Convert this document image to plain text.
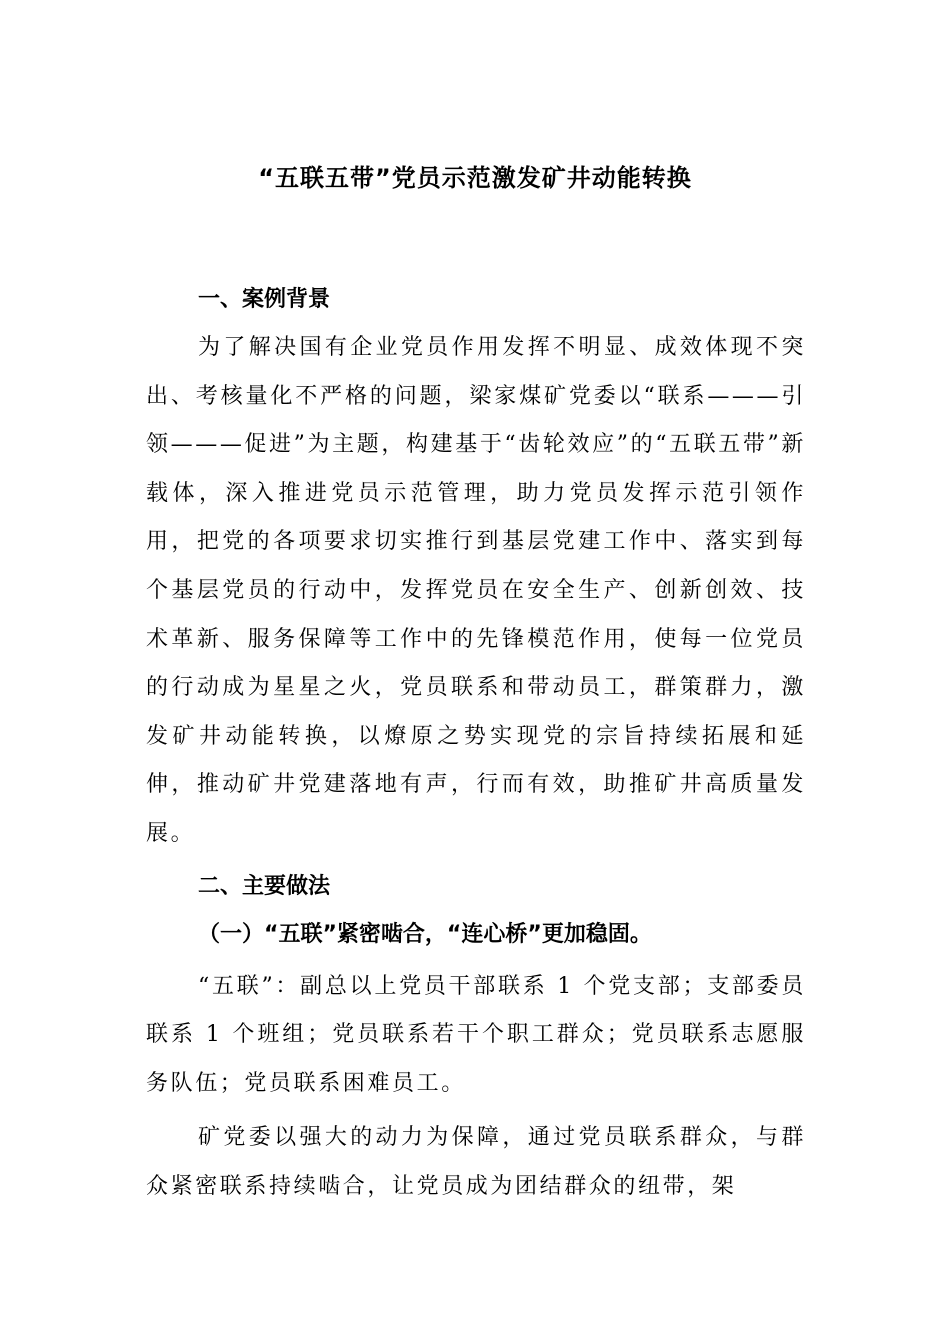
“五联五带”党员示范激发矿井动能转换
一、案例背景

为了解决国有企业党员作用发挥不明显、成效体现不突出、考核量化不严格的问题，梁家煤矿党委以“联系———引领———促进”为主题，构建基于“齿轮效应”的“五联五带”新载体，深入推进党员示范管理，助力党员发挥示范引领作用，把党的各项要求切实推行到基层党建工作中、落实到每个基层党员的行动中，发挥党员在安全生产、创新创效、技术革新、服务保障等工作中的先锋模范作用，使每一位党员的行动成为星星之火，党员联系和带动员工，群策群力，激发矿井动能转换，以燎原之势实现党的宗旨持续拓展和延伸，推动矿井党建落地有声，行而有效，助推矿井高质量发展。

二、主要做法
（一）“五联”紧密啮合，“连心桥”更加稳固。

“五联”：副总以上党员干部联系 1 个党支部；支部委员联系 1 个班组；党员联系若干个职工群众；党员联系志愿服务队伍；党员联系困难员工。

矿党委以强大的动力为保障，通过党员联系群众，与群众紧密联系持续啮合，让党员成为团结群众的纽带，架
